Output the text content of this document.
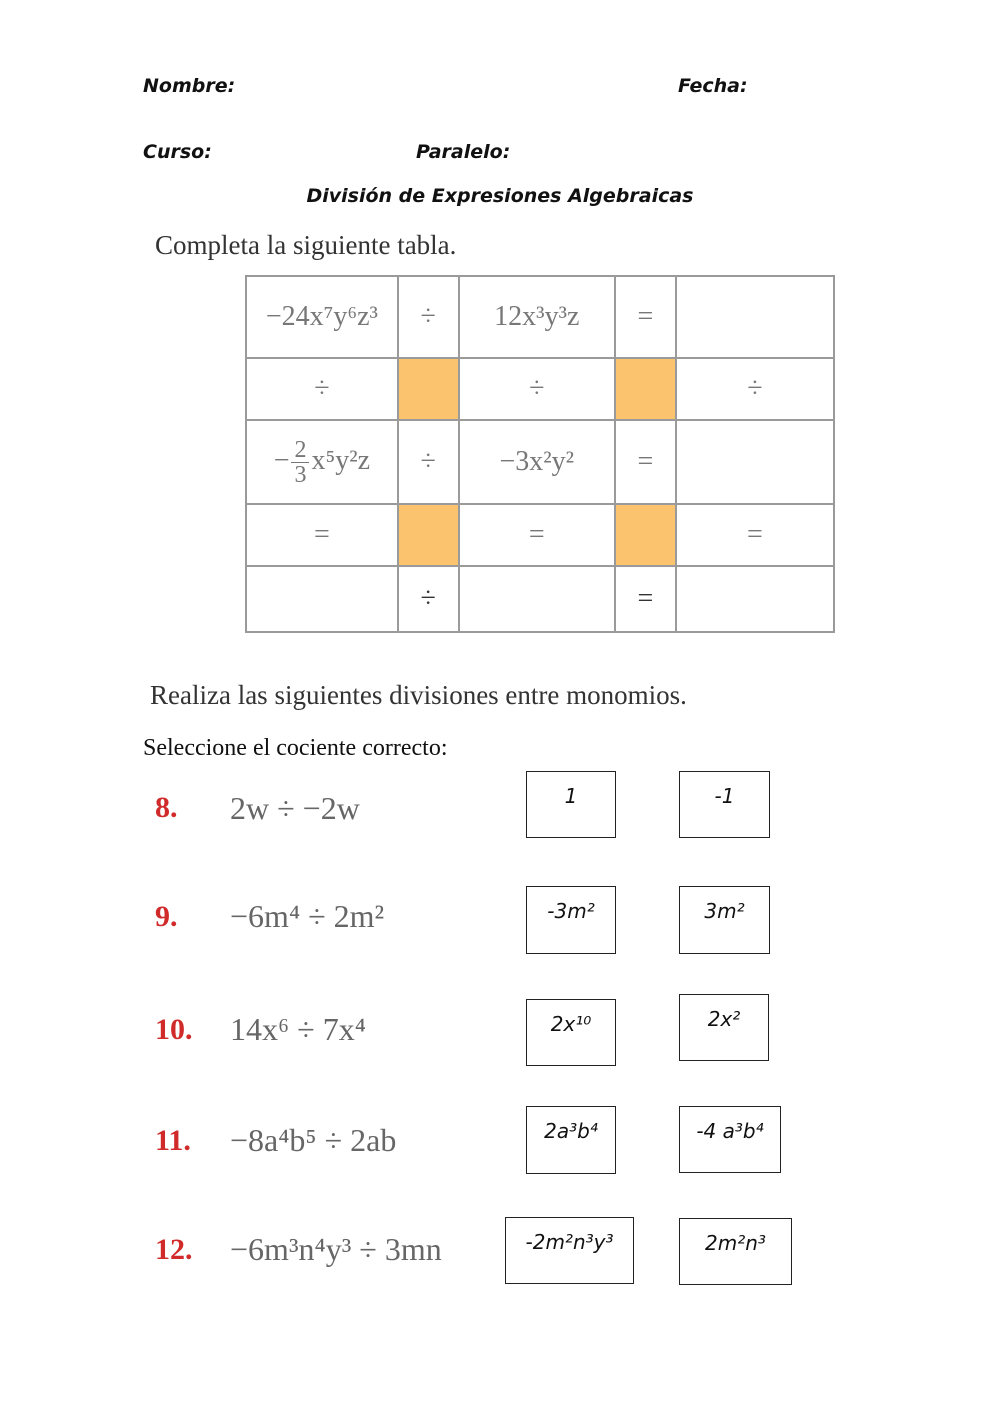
Nombre:	Fecha:
Curso:	Paralelo:
División de Expresiones Algebraicas
Completa la siguiente tabla.
−24x⁷y⁶z³	÷	12x³y³z	=	
÷		÷		÷
− $\frac{2}{3} x^5y^2z$	÷	−3x²y²	=	
=		=		=
	÷		=	
Realiza las siguientes divisiones entre monomios.
Seleccione el cociente correcto:
8. 2w ÷ −2w	1	-1
9. −6m⁴ ÷ 2m²	-3m²	3m²
10. 14x⁶ ÷ 7x⁴	2x¹⁰	2x²
11. −8a⁴b⁵ ÷ 2ab	2a³b⁴	-4 a³b⁴
12. −6m³n⁴y³ ÷ 3mn	-2m²n³y³	2m²n³
